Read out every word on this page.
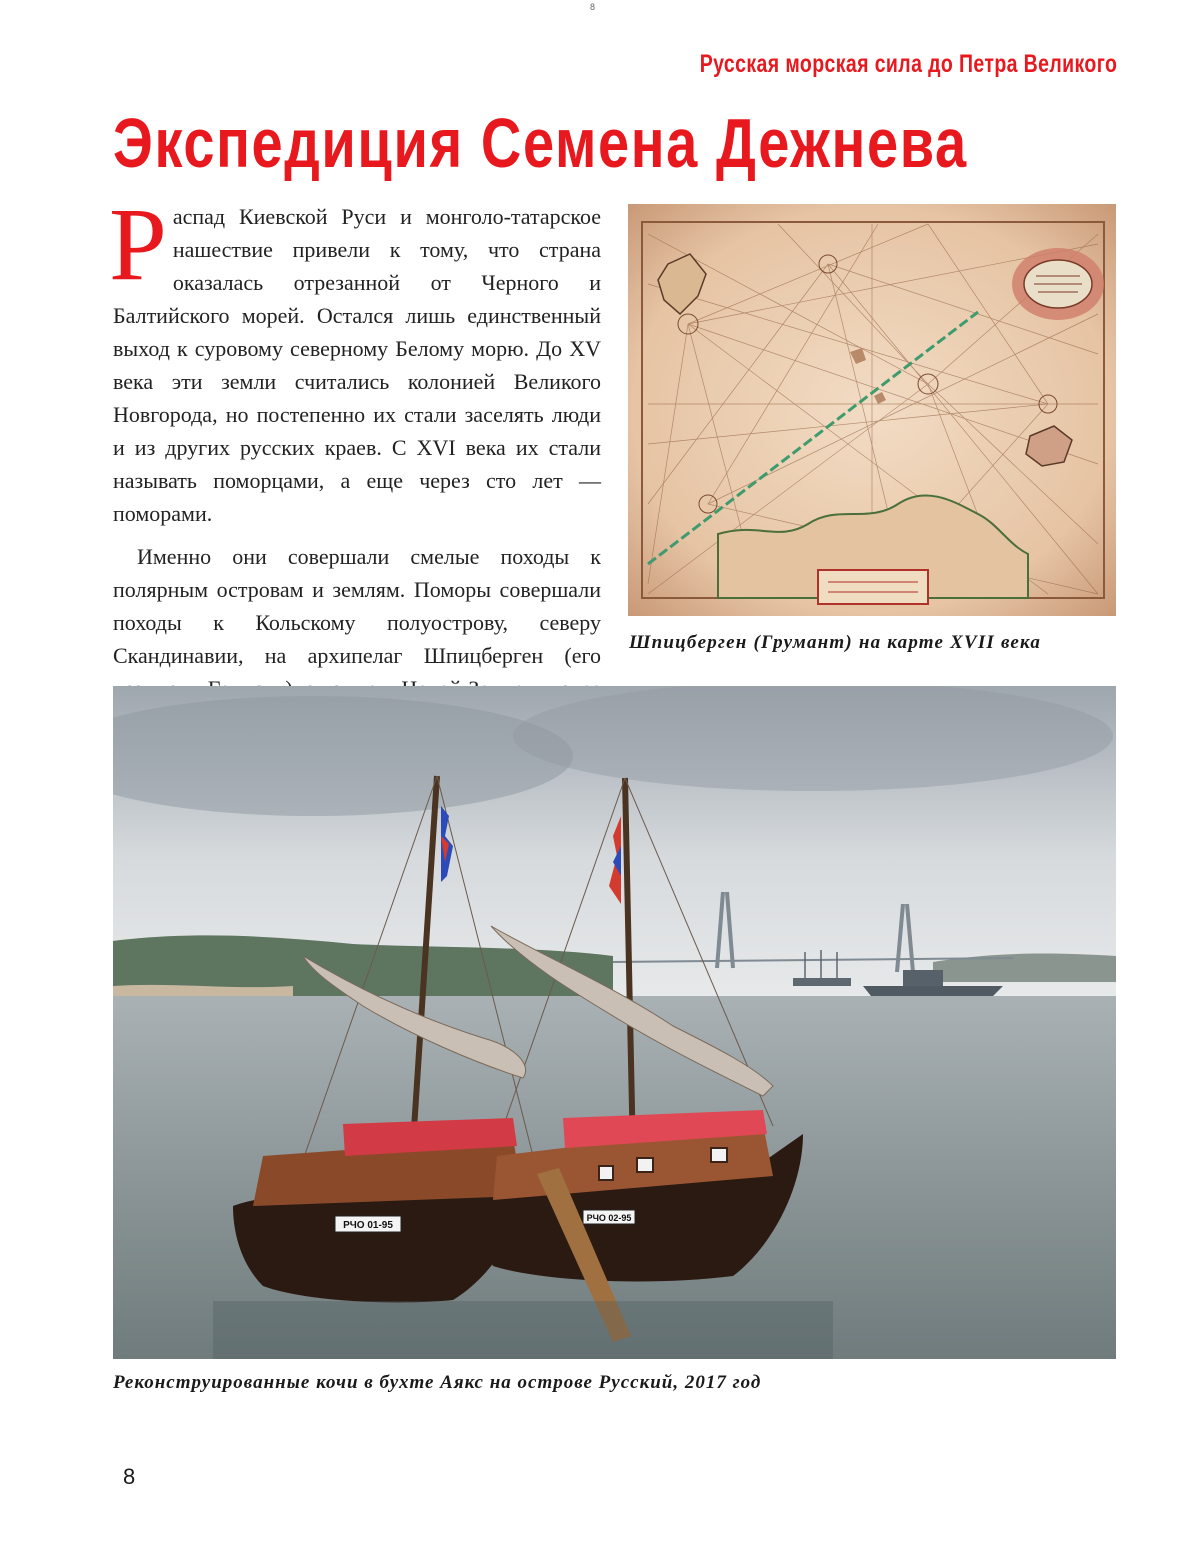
8
Русская морская сила до Петра Великого
Экспедиция Семена Дежнева

Распад Киевской Руси и монголо-татарское нашествие привели к тому, что страна оказалась отрезанной от Черного и Балтийского морей. Остался лишь единственный выход к суровому северному Белому морю. До XV века эти земли считались колонией Великого Новгорода, но постепенно их стали заселять люди и из других русских краев. С XVI века их стали называть поморцами, а еще через сто лет — поморами.

Именно они совершали смелые походы к полярным островам и землям. Поморы совершали походы к Кольскому полуострову, северу Скандинавии, на архипелаг Шпицберген (его

Шпицберген (Грумант) на карте XVII века
РЧО 01-95
РЧО 02-95
Реконструированные кочи в бухте Аякс на острове Русский, 2017 год
8
